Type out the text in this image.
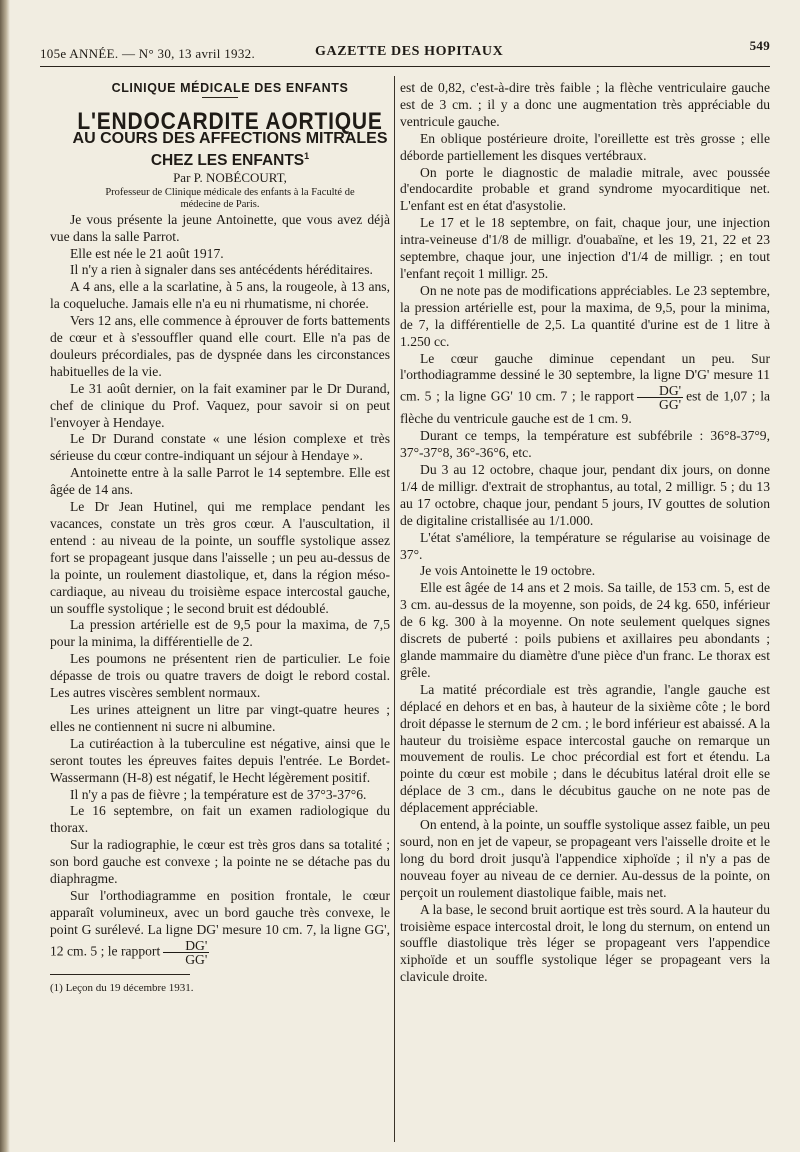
105e ANNÉE. — N° 30, 13 avril 1932.	GAZETTE DES HOPITAUX	549

CLINIQUE MÉDICALE DES ENFANTS

L'ENDOCARDITE AORTIQUE

AU COURS DES AFFECTIONS MITRALES

CHEZ LES ENFANTS$^1$

Par P. NOBÉCOURT,

Professeur de Clinique médicale des enfants à la Faculté de médecine de Paris.

Je vous présente la jeune Antoinette, que vous avez déjà vue dans la salle Parrot.

Elle est née le 21 août 1917.

Il n'y a rien à signaler dans ses antécédents héréditaires.

A 4 ans, elle a la scarlatine, à 5 ans, la rougeole, à 13 ans, la coqueluche. Jamais elle n'a eu ni rhumatisme, ni chorée.

Vers 12 ans, elle commence à éprouver de forts battements de cœur et à s'essouffler quand elle court. Elle n'a pas de douleurs précordiales, pas de dyspnée dans les circonstances habituelles de la vie.

Le 31 août dernier, on la fait examiner par le Dr Durand, chef de clinique du Prof. Vaquez, pour savoir si on peut l'envoyer à Hendaye.

Le Dr Durand constate « une lésion complexe et très sérieuse du cœur contre-indiquant un séjour à Hendaye ».

Antoinette entre à la salle Parrot le 14 septembre. Elle est âgée de 14 ans.

Le Dr Jean Hutinel, qui me remplace pendant les vacances, constate un très gros cœur. A l'auscultation, il entend : au niveau de la pointe, un souffle systolique assez fort se propageant jusque dans l'aisselle ; un peu au-dessus de la pointe, un roulement diastolique, et, dans la région méso-cardiaque, au niveau du troisième espace intercostal gauche, un souffle systolique ; le second bruit est dédoublé.

La pression artérielle est de 9,5 pour la maxima, de 7,5 pour la minima, la différentielle de 2.

Les poumons ne présentent rien de particulier. Le foie dépasse de trois ou quatre travers de doigt le rebord costal. Les autres viscères semblent normaux.

Les urines atteignent un litre par vingt-quatre heures ; elles ne contiennent ni sucre ni albumine.

La cutiréaction à la tuberculine est négative, ainsi que le seront toutes les épreuves faites depuis l'entrée. Le Bordet-Wassermann (H-8) est négatif, le Hecht légèrement positif.

Il n'y a pas de fièvre ; la température est de 37°3-37°6.

Le 16 septembre, on fait un examen radiologique du thorax.

Sur la radiographie, le cœur est très gros dans sa totalité ; son bord gauche est convexe ; la pointe ne se détache pas du diaphragme.

Sur l'orthodiagramme en position frontale, le cœur apparaît volumineux, avec un bord gauche très convexe, le point G surélevé. La ligne DG' mesure 10 cm. 7, la ligne GG', 12 cm. 5 ; le rapport $\frac{DG'}{GG'}$

(1) Leçon du 19 décembre 1931.

est de 0,82, c'est-à-dire très faible ; la flèche ventriculaire gauche est de 3 cm. ; il y a donc une augmentation très appréciable du ventricule gauche.

En oblique postérieure droite, l'oreillette est très grosse ; elle déborde partiellement les disques vertébraux.

On porte le diagnostic de maladie mitrale, avec poussée d'endocardite probable et grand syndrome myocarditique net. L'enfant est en état d'asystolie.

Le 17 et le 18 septembre, on fait, chaque jour, une injection intra-veineuse d'1/8 de milligr. d'ouabaïne, et les 19, 21, 22 et 23 septembre, chaque jour, une injection d'1/4 de milligr. ; en tout l'enfant reçoit 1 milligr. 25.

On ne note pas de modifications appréciables. Le 23 septembre, la pression artérielle est, pour la maxima, de 9,5, pour la minima, de 7, la différentielle de 2,5. La quantité d'urine est de 1 litre à 1.250 cc.

Le cœur gauche diminue cependant un peu. Sur l'orthodiagramme dessiné le 30 septembre, la ligne D'G' mesure 11 cm. 5 ; la ligne GG' 10 cm. 7 ; le rapport $\frac{DG'}{GG'}$ est de 1,07 ; la flèche du ventricule gauche est de 1 cm. 9.

Durant ce temps, la température est subfébrile : 36°8-37°9, 37°-37°8, 36°-36°6, etc.

Du 3 au 12 octobre, chaque jour, pendant dix jours, on donne 1/4 de milligr. d'extrait de strophantus, au total, 2 milligr. 5 ; du 13 au 17 octobre, chaque jour, pendant 5 jours, IV gouttes de solution de digitaline cristallisée au 1/1.000.

L'état s'améliore, la température se régularise au voisinage de 37°.

Je vois Antoinette le 19 octobre.

Elle est âgée de 14 ans et 2 mois. Sa taille, de 153 cm. 5, est de 3 cm. au-dessus de la moyenne, son poids, de 24 kg. 650, inférieur de 6 kg. 300 à la moyenne. On note seulement quelques signes discrets de puberté : poils pubiens et axillaires peu abondants ; glande mammaire du diamètre d'une pièce d'un franc. Le thorax est grêle.

La matité précordiale est très agrandie, l'angle gauche est déplacé en dehors et en bas, à hauteur de la sixième côte ; le bord droit dépasse le sternum de 2 cm. ; le bord inférieur est abaissé. A la hauteur du troisième espace intercostal gauche on remarque un mouvement de roulis. Le choc précordial est fort et étendu. La pointe du cœur est mobile ; dans le décubitus latéral droit elle se déplace de 3 cm., dans le décubitus gauche on ne note pas de déplacement appréciable.

On entend, à la pointe, un souffle systolique assez faible, un peu sourd, non en jet de vapeur, se propageant vers l'aisselle droite et le long du bord droit jusqu'à l'appendice xiphoïde ; il n'y a pas de nouveau foyer au niveau de ce dernier. Au-dessus de la pointe, on perçoit un roulement diastolique faible, mais net.

A la base, le second bruit aortique est très sourd. A la hauteur du troisième espace intercostal droit, le long du sternum, on entend un souffle diastolique très léger se propageant vers l'appendice xiphoïde et un souffle systolique léger se propageant vers la clavicule droite.
